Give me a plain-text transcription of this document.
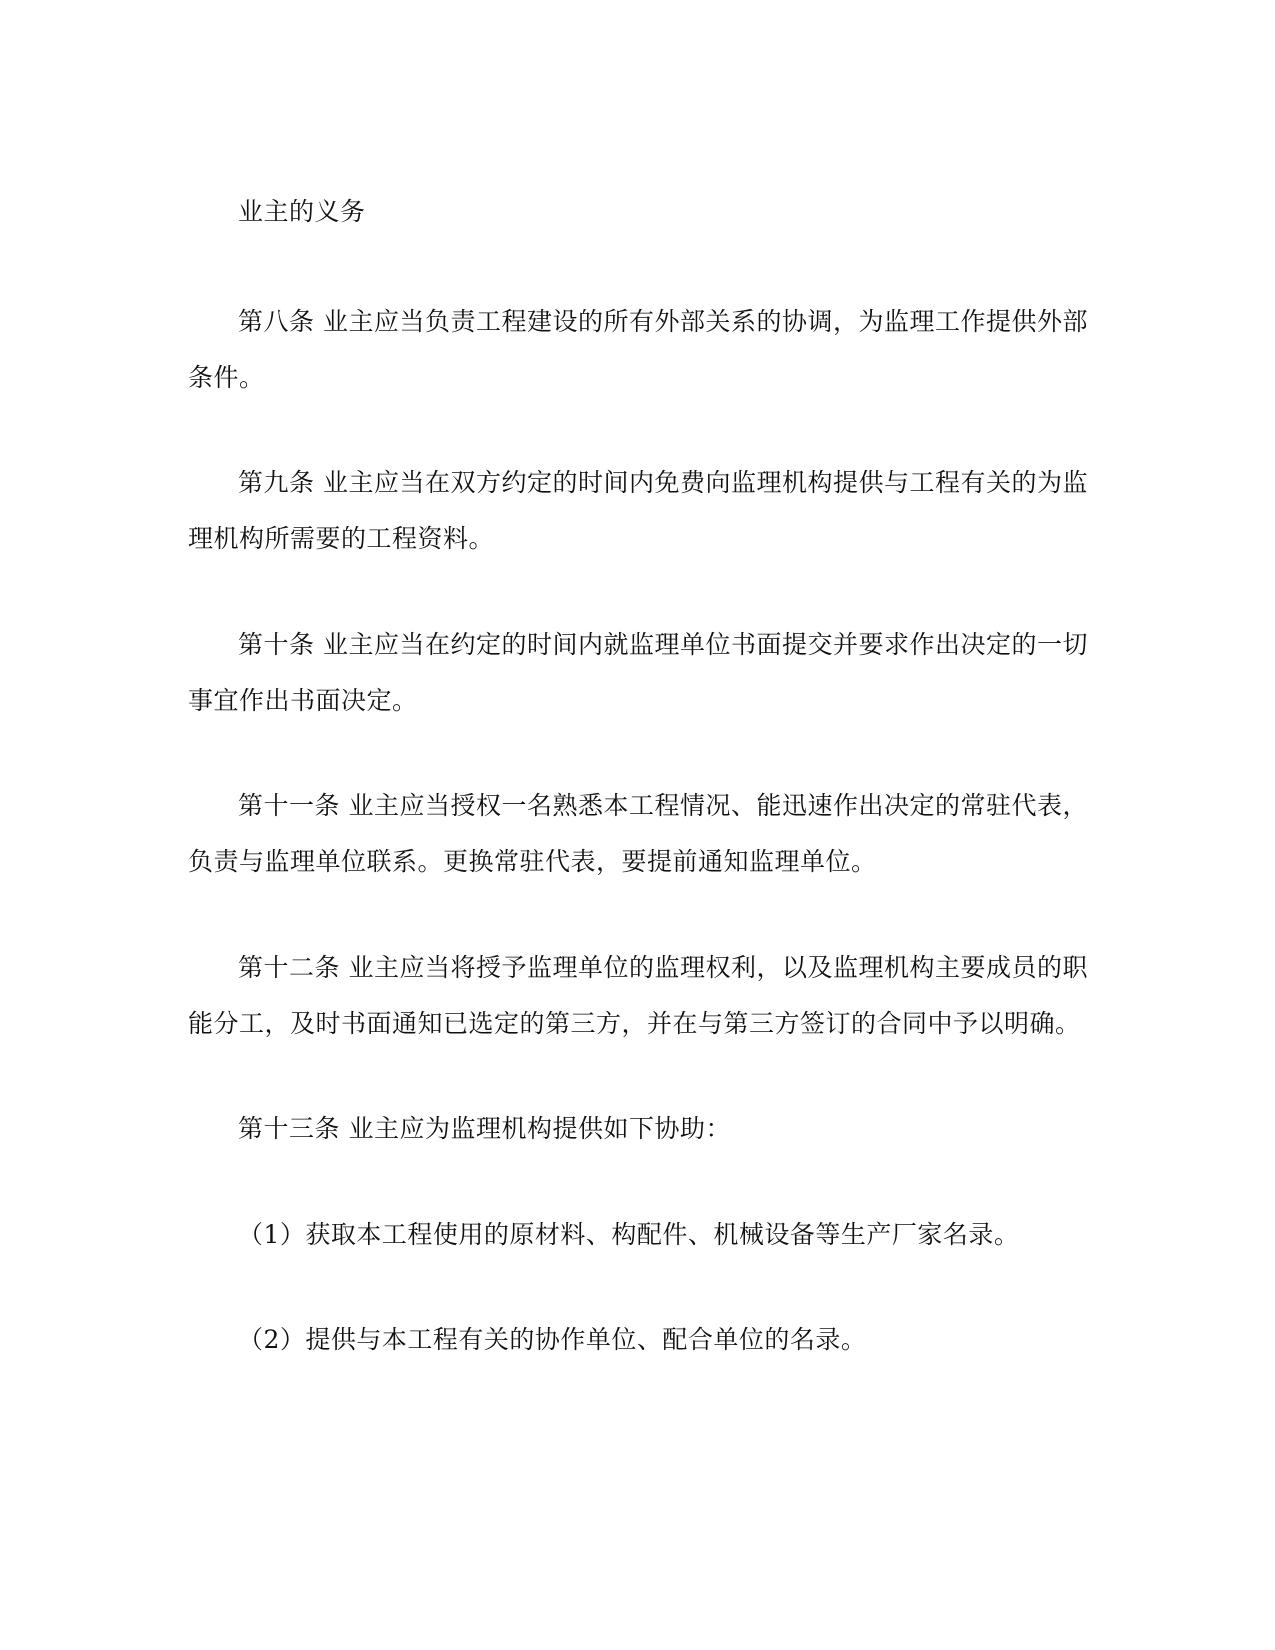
业主的义务
第八条 业主应当负责工程建设的所有外部关系的协调，为监理工作提供外部
条件。
第九条 业主应当在双方约定的时间内免费向监理机构提供与工程有关的为监
理机构所需要的工程资料。
第十条 业主应当在约定的时间内就监理单位书面提交并要求作出决定的一切
事宜作出书面决定。
第十一条 业主应当授权一名熟悉本工程情况、能迅速作出决定的常驻代表，
负责与监理单位联系。更换常驻代表，要提前通知监理单位。
第十二条 业主应当将授予监理单位的监理权利，以及监理机构主要成员的职
能分工，及时书面通知已选定的第三方，并在与第三方签订的合同中予以明确。
第十三条 业主应为监理机构提供如下协助：
（1）获取本工程使用的原材料、构配件、机械设备等生产厂家名录。
（2）提供与本工程有关的协作单位、配合单位的名录。
